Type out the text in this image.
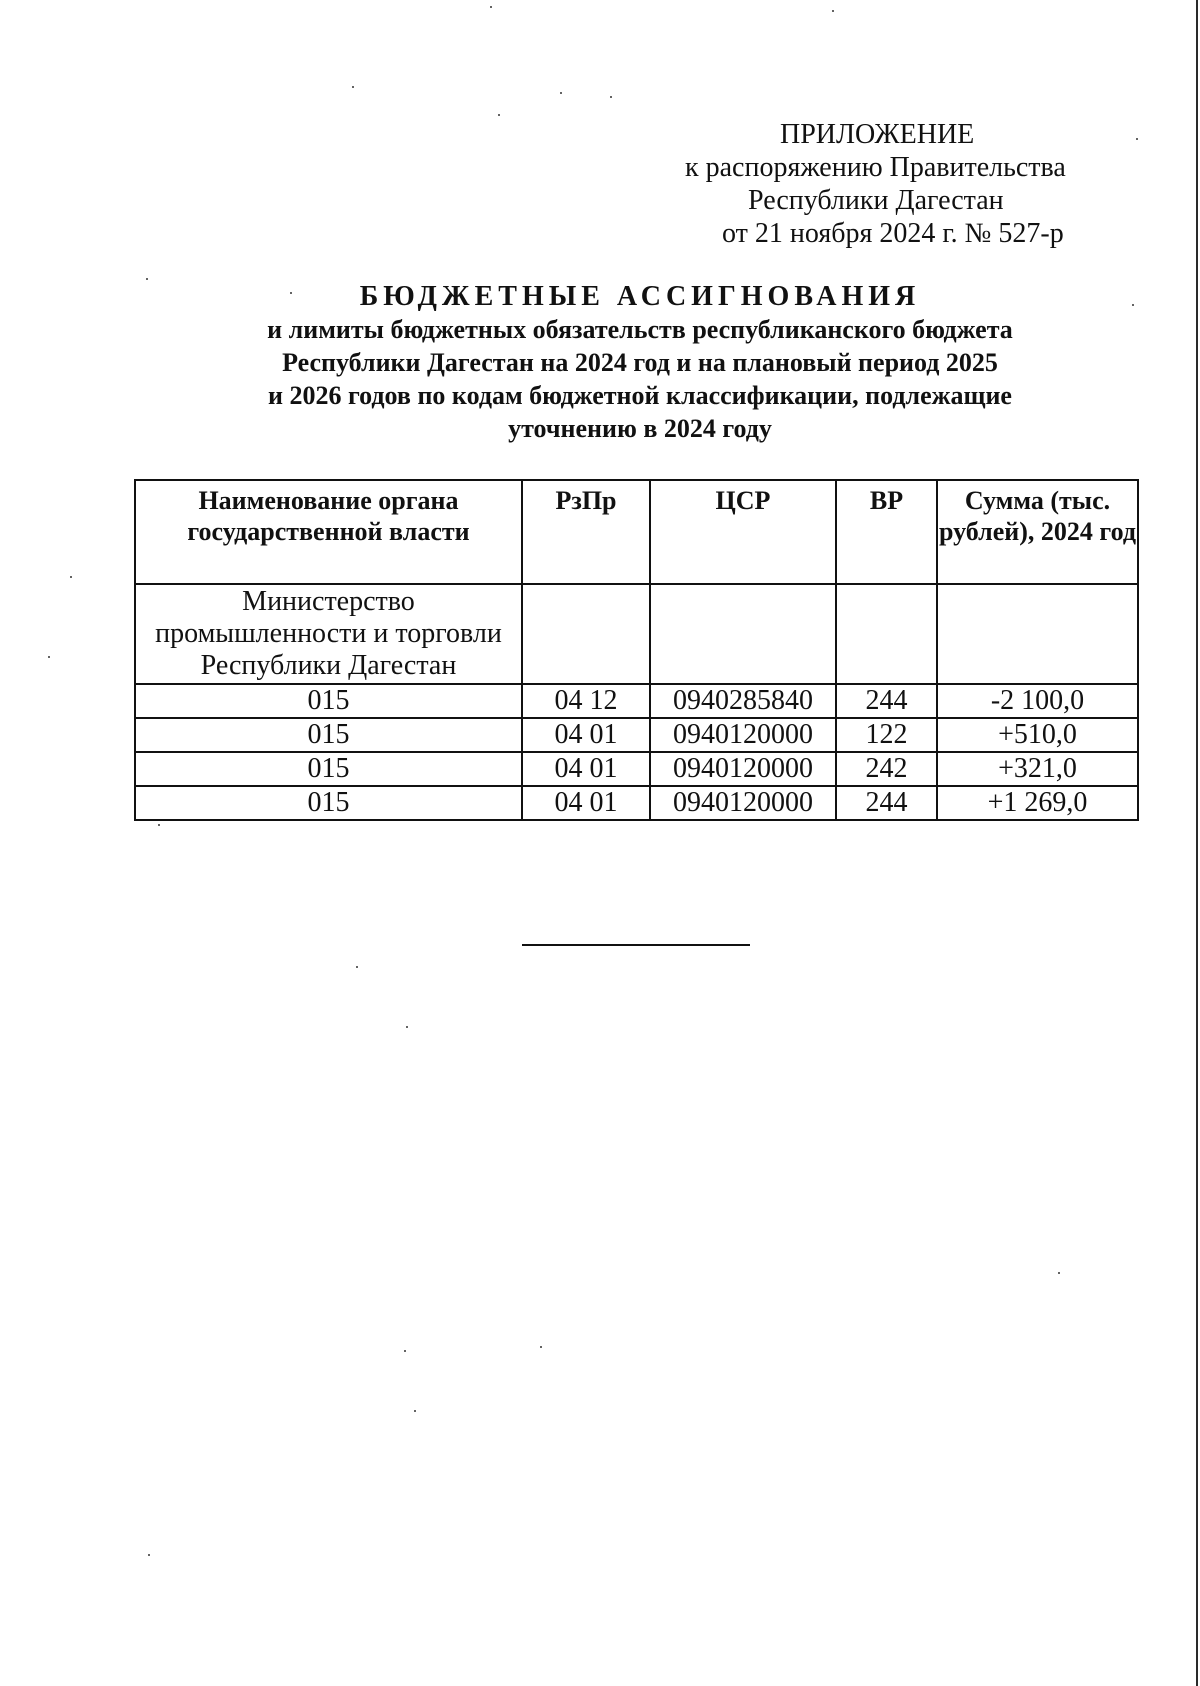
ПРИЛОЖЕНИЕ
к распоряжению Правительства
Республики Дагестан
от 21 ноября 2024 г. № 527-р
БЮДЖЕТНЫЕ АССИГНОВАНИЯ
и лимиты бюджетных обязательств республиканского бюджета
Республики Дагестан на 2024 год и на плановый период 2025
и 2026 годов по кодам бюджетной классификации, подлежащие
уточнению в 2024 году
Наименование органа государственной власти	РзПр	ЦСР	ВР	Сумма (тыс. рублей), 2024 год
Министерство промышленности и торговли Республики Дагестан				
015	04 12	0940285840	244	-2 100,0
015	04 01	0940120000	122	+510,0
015	04 01	0940120000	242	+321,0
015	04 01	0940120000	244	+1 269,0
